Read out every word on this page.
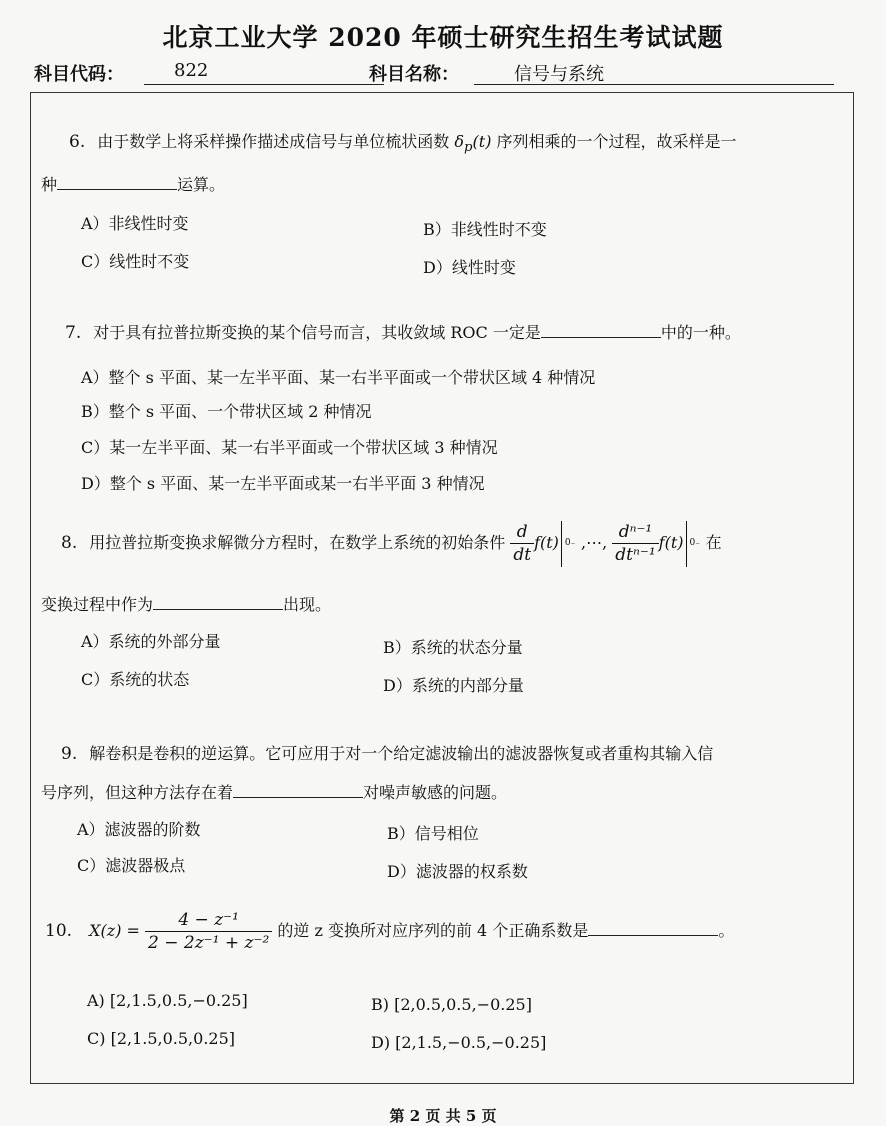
北京工业大学 2020 年硕士研究生招生考试试题
科目代码：	822	科目名称：	信号与系统
6. 由于数学上将采样操作描述成信号与单位梳状函数 $\delta_p(t)$ 序列相乘的一个过程，故采样是一
种	运算。
A）非线性时变	B）非线性时不变
C）线性时不变	D）线性时变
7. 对于具有拉普拉斯变换的某个信号而言，其收敛域 ROC 一定是	中的一种。
A）整个 s 平面、某一左半平面、某一右半平面或一个带状区域 4 种情况
B）整个 s 平面、一个带状区域 2 种情况
C）某一左半平面、某一右半平面或一个带状区域 3 种情况
D）整个 s 平面、某一左半平面或某一右半平面 3 种情况
8. 用拉普拉斯变换求解微分方程时，在数学上系统的初始条件 $\frac{d}{dt} f(t)$ 0₋ ,⋯, $\frac{\text{dⁿ⁻¹}}{\text{dtⁿ⁻¹}} f(t)$ 0₋ 在
变换过程中作为	出现。
A）系统的外部分量	B）系统的状态分量
C）系统的状态	D）系统的内部分量
9. 解卷积是卷积的逆运算。它可应用于对一个给定滤波输出的滤波器恢复或者重构其输入信
号序列，但这种方法存在着	对噪声敏感的问题。
A）滤波器的阶数	B）信号相位
C）滤波器极点	D）滤波器的权系数
10. $X(z) = \frac{\text{4 − z⁻¹}}{\text{2 − 2z⁻¹ + z⁻²}}$ 的逆 z 变换所对应序列的前 4 个正确系数是	。
A) [2,1.5,0.5,−0.25]	B) [2,0.5,0.5,−0.25]
C) [2,1.5,0.5,0.25]	D) [2,1.5,−0.5,−0.25]
第 2 页 共 5 页
